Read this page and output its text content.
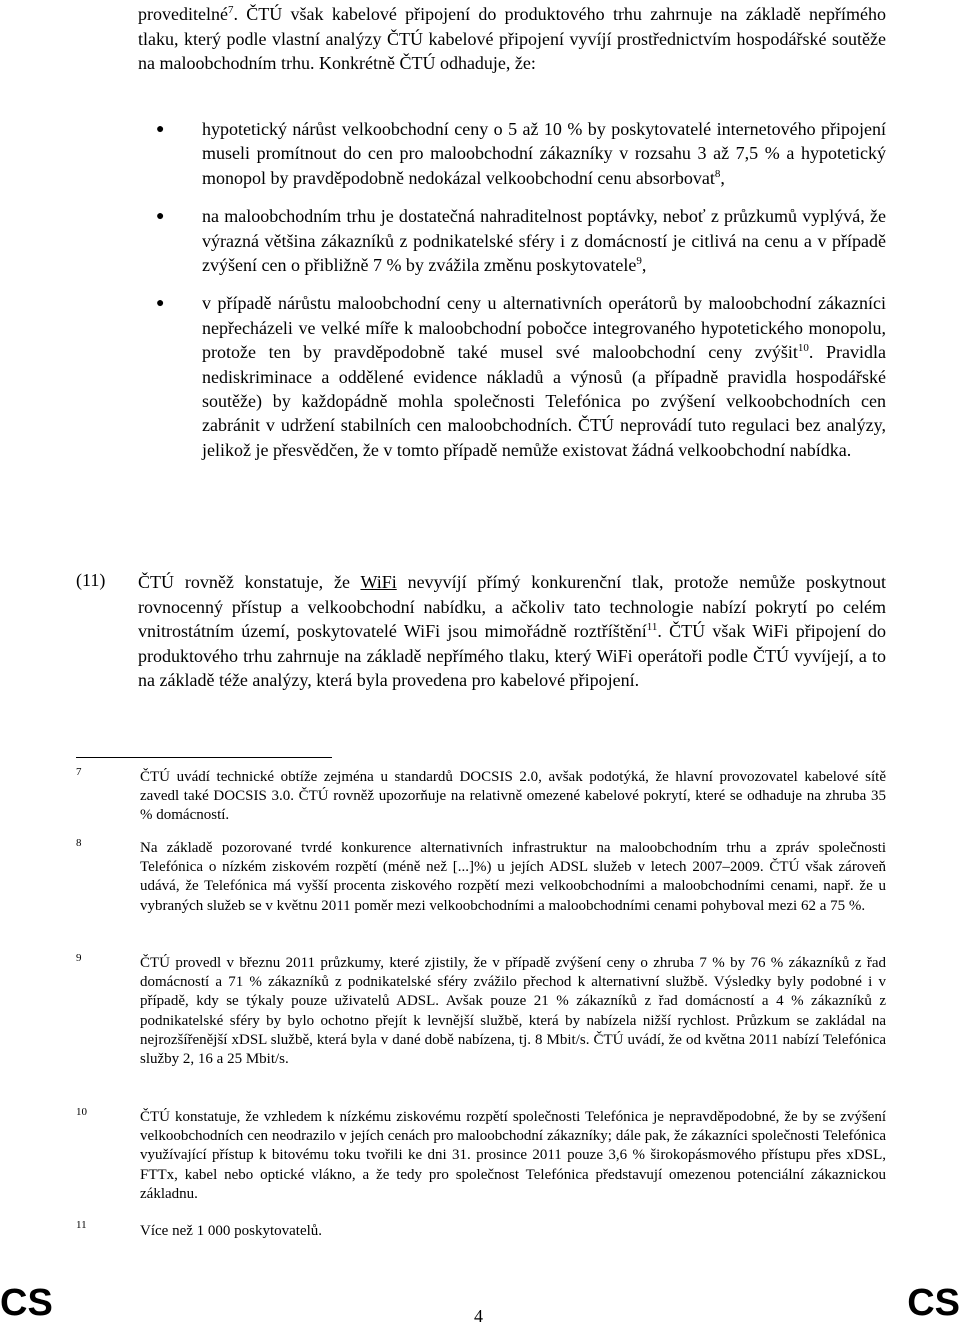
proveditelné$^7$. ČTÚ však kabelové připojení do produktového trhu zahrnuje na základě nepřímého tlaku, který podle vlastní analýzy ČTÚ kabelové připojení vyvíjí prostřednictvím hospodářské soutěže na maloobchodním trhu. Konkrétně ČTÚ odhaduje, že:

● hypotetický nárůst velkoobchodní ceny o 5 až 10 % by poskytovatelé internetového připojení museli promítnout do cen pro maloobchodní zákazníky v rozsahu 3 až 7,5 % a hypotetický monopol by pravděpodobně nedokázal velkoobchodní cenu absorbovat$^8$,
● na maloobchodním trhu je dostatečná nahraditelnost poptávky, neboť z průzkumů vyplývá, že výrazná většina zákazníků z podnikatelské sféry i z domácností je citlivá na cenu a v případě zvýšení cen o přibližně 7 % by zvážila změnu poskytovatele$^9$,
● v případě nárůstu maloobchodní ceny u alternativních operátorů by maloobchodní zákazníci nepřecházeli ve velké míře k maloobchodní pobočce integrovaného hypotetického monopolu, protože ten by pravděpodobně také musel své maloobchodní ceny zvýšit$^{10}$. Pravidla nediskriminace a oddělené evidence nákladů a výnosů (a případně pravidla hospodářské soutěže) by každopádně mohla společnosti Telefónica po zvýšení velkoobchodních cen zabránit v udržení stabilních cen maloobchodních. ČTÚ neprovádí tuto regulaci bez analýzy, jelikož je přesvědčen, že v tomto případě nemůže existovat žádná velkoobchodní nabídka.
(11) ČTÚ rovněž konstatuje, že WiFi nevyvíjí přímý konkurenční tlak, protože nemůže poskytnout rovnocenný přístup a velkoobchodní nabídku, a ačkoliv tato technologie nabízí pokrytí po celém vnitrostátním území, poskytovatelé WiFi jsou mimořádně roztříštění$^{11}$. ČTÚ však WiFi připojení do produktového trhu zahrnuje na základě nepřímého tlaku, který WiFi operátoři podle ČTÚ vyvíjejí, a to na základě téže analýzy, která byla provedena pro kabelové připojení.

7	ČTÚ uvádí technické obtíže zejména u standardů DOCSIS 2.0, avšak podotýká, že hlavní provozovatel kabelové sítě zavedl také DOCSIS 3.0. ČTÚ rovněž upozorňuje na relativně omezené kabelové pokrytí, které se odhaduje na zhruba 35 % domácností.
8	Na základě pozorované tvrdé konkurence alternativních infrastruktur na maloobchodním trhu a zpráv společnosti Telefónica o nízkém ziskovém rozpětí (méně než [...]%) u jejích ADSL služeb v letech 2007–2009. ČTÚ však zároveň udává, že Telefónica má vyšší procenta ziskového rozpětí mezi velkoobchodními a maloobchodními cenami, např. že u vybraných služeb se v květnu 2011 poměr mezi velkoobchodními a maloobchodními cenami pohyboval mezi 62 a 75 %.
9	ČTÚ provedl v březnu 2011 průzkumy, které zjistily, že v případě zvýšení ceny o zhruba 7 % by 76 % zákazníků z řad domácností a 71 % zákazníků z podnikatelské sféry zvážilo přechod k alternativní službě. Výsledky byly podobné i v případě, kdy se týkaly pouze uživatelů ADSL. Avšak pouze 21 % zákazníků z řad domácností a 4 % zákazníků z podnikatelské sféry by bylo ochotno přejít k levnější službě, která by nabízela nižší rychlost. Průzkum se zakládal na nejrozšířenější xDSL službě, která byla v dané době nabízena, tj. 8 Mbit/s. ČTÚ uvádí, že od května 2011 nabízí Telefónica služby 2, 16 a 25 Mbit/s.
10	ČTÚ konstatuje, že vzhledem k nízkému ziskovému rozpětí společnosti Telefónica je nepravděpodobné, že by se zvýšení velkoobchodních cen neodrazilo v jejích cenách pro maloobchodní zákazníky; dále pak, že zákazníci společnosti Telefónica využívající přístup k bitovému toku tvořili ke dni 31. prosince 2011 pouze 3,6 % širokopásmového přístupu přes xDSL, FTTx, kabel nebo optické vlákno, a že tedy pro společnost Telefónica představují omezenou potenciální zákaznickou základnu.
11	Více než 1 000 poskytovatelů.
CS	4	CS
